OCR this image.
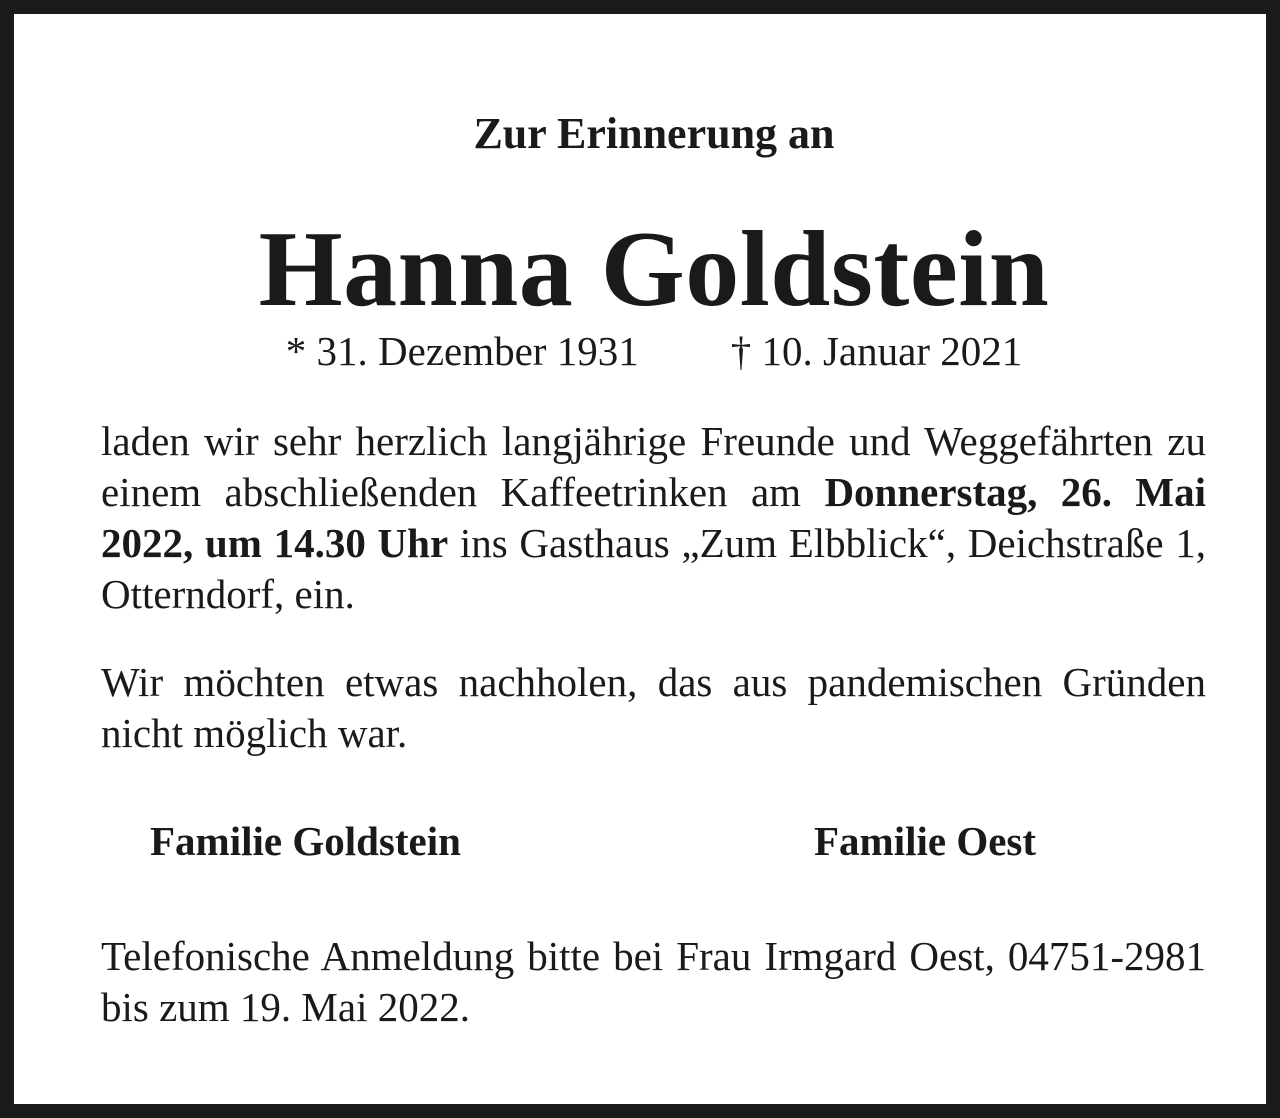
Zur Erinnerung an
Hanna Goldstein
* 31. Dezember 1931 † 10. Januar 2021

laden wir sehr herzlich langjährige Freunde und Weggefährten zu einem abschließenden Kaffeetrinken am Donnerstag, 26. Mai 2022, um 14.30 Uhr ins Gasthaus „Zum Elbblick“, Deichstraße 1, Otterndorf, ein.

Wir möchten etwas nachholen, das aus pandemischen Gründen nicht möglich war.

Familie Goldstein	Familie Oest

Telefonische Anmeldung bitte bei Frau Irmgard Oest, 04751-2981 bis zum 19. Mai 2022.
